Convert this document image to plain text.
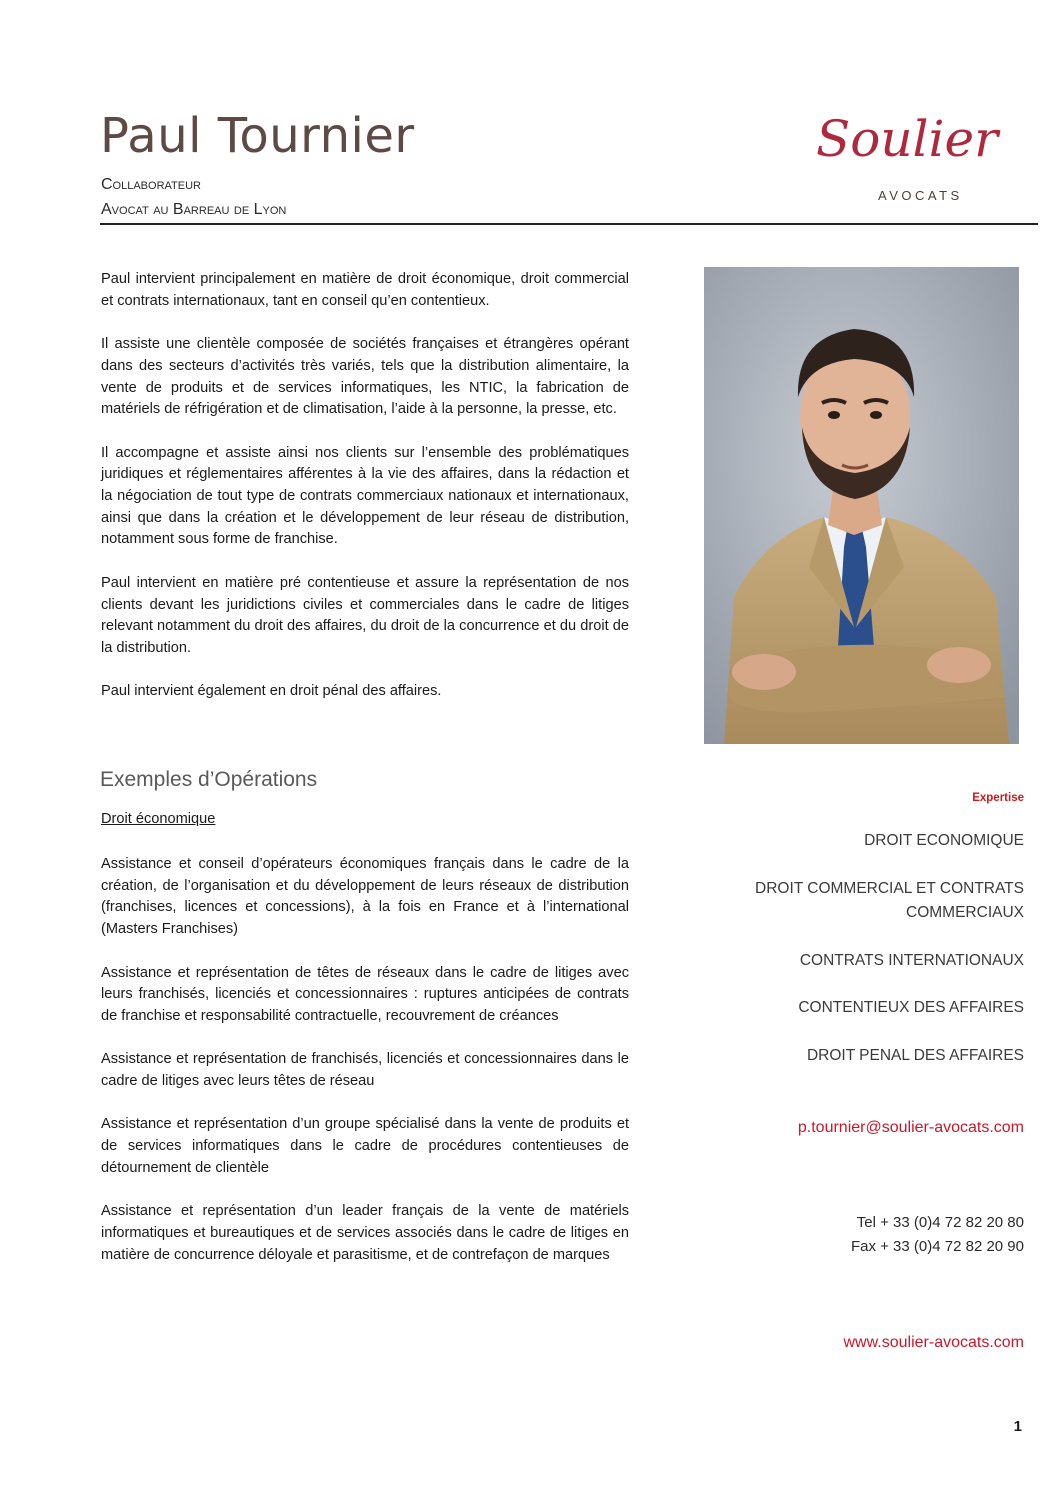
Paul Tournier
Collaborateur
Avocat au Barreau de Lyon
Soulier
AVOCATS

Paul intervient principalement en matière de droit économique, droit commercial et contrats internationaux, tant en conseil qu’en contentieux.

Il assiste une clientèle composée de sociétés françaises et étrangères opérant dans des secteurs d’activités très variés, tels que la distribution alimentaire, la vente de produits et de services informatiques, les NTIC, la fabrication de matériels de réfrigération et de climatisation, l’aide à la personne, la presse, etc.

Il accompagne et assiste ainsi nos clients sur l’ensemble des problématiques juridiques et réglementaires afférentes à la vie des affaires, dans la rédaction et la négociation de tout type de contrats commerciaux nationaux et internationaux, ainsi que dans la création et le développement de leur réseau de distribution, notamment sous forme de franchise.

Paul intervient en matière pré contentieuse et assure la représentation de nos clients devant les juridictions civiles et commerciales dans le cadre de litiges relevant notamment du droit des affaires, du droit de la concurrence et du droit de la distribution.

Paul intervient également en droit pénal des affaires.

Exemples d’Opérations
Droit économique

Assistance et conseil d’opérateurs économiques français dans le cadre de la création, de l’organisation et du développement de leurs réseaux de distribution (franchises, licences et concessions), à la fois en France et à l’international (Masters Franchises)

Assistance et représentation de têtes de réseaux dans le cadre de litiges avec leurs franchisés, licenciés et concessionnaires : ruptures anticipées de contrats de franchise et responsabilité contractuelle, recouvrement de créances

Assistance et représentation de franchisés, licenciés et concessionnaires dans le cadre de litiges avec leurs têtes de réseau

Assistance et représentation d’un groupe spécialisé dans la vente de produits et de services informatiques dans le cadre de procédures contentieuses de détournement de clientèle

Assistance et représentation d’un leader français de la vente de matériels informatiques et bureautiques et de services associés dans le cadre de litiges en matière de concurrence déloyale et parasitisme, et de contrefaçon de marques

Expertise
DROIT ECONOMIQUE
DROIT COMMERCIAL ET CONTRATS
COMMERCIAUX
CONTRATS INTERNATIONAUX
CONTENTIEUX DES AFFAIRES
DROIT PENAL DES AFFAIRES
p.tournier@soulier-avocats.com
Tel + 33 (0)4 72 82 20 80
Fax + 33 (0)4 72 82 20 90
www.soulier-avocats.com
1
